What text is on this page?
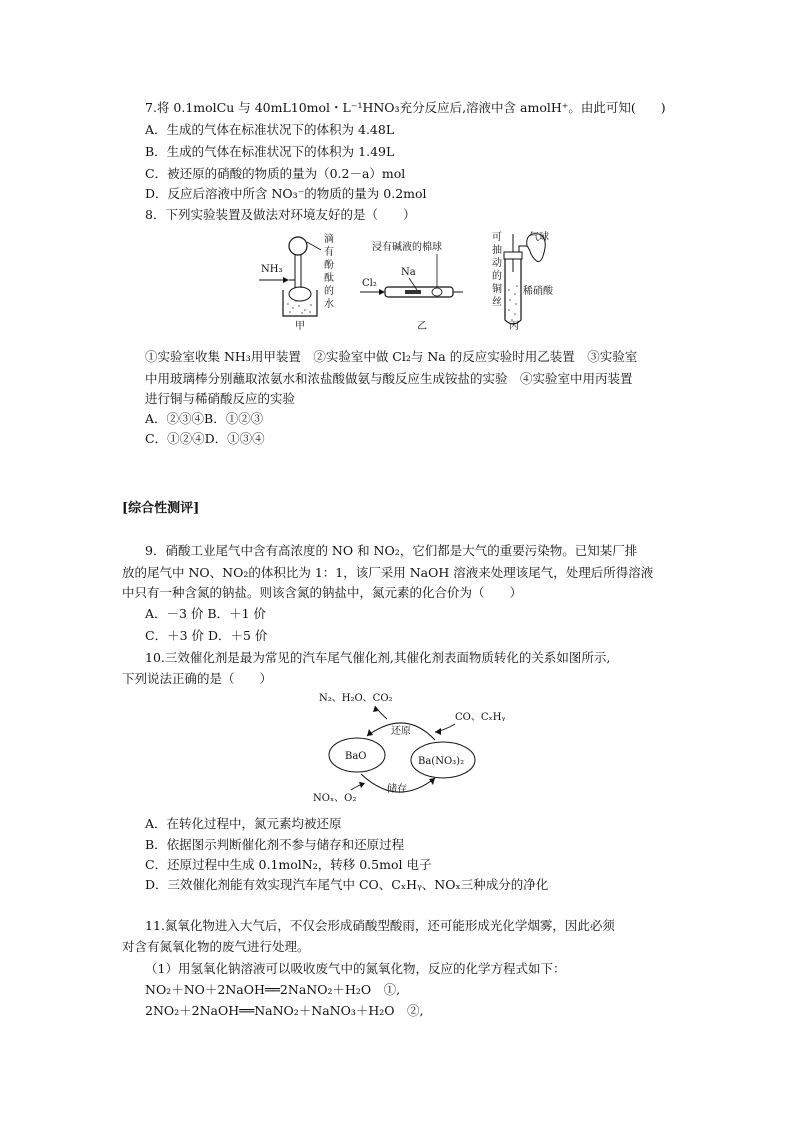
7.将 0.1molCu 与 40mL10mol・L⁻¹HNO₃充分反应后,溶液中含 amolH⁺。由此可知(　　)
A．生成的气体在标准状况下的体积为 4.48L
B．生成的气体在标准状况下的体积为 1.49L
C．被还原的硝酸的物质的量为（0.2－a）mol
D．反应后溶液中所含 NO₃⁻的物质的量为 0.2mol
8．下列实验装置及做法对环境友好的是（　　）
NH₃
滴
有
酚
酞
的
水
甲
浸有碱液的棉球
Na
Cl₂
乙
可
抽
动
的
铜
丝
气球
稀硝酸
丙
①实验室收集 NH₃用甲装置　②实验室中做 Cl₂与 Na 的反应实验时用乙装置　③实验室
中用玻璃棒分别蘸取浓氨水和浓盐酸做氨与酸反应生成铵盐的实验　④实验室中用丙装置
进行铜与稀硝酸反应的实验
A．②③④B．①②③
C．①②④D．①③④
[综合性测评]
9．硝酸工业尾气中含有高浓度的 NO 和 NO₂，它们都是大气的重要污染物。已知某厂排
放的尾气中 NO、NO₂的体积比为 1：1，该厂采用 NaOH 溶液来处理该尾气，处理后所得溶液
中只有一种含氮的钠盐。则该含氮的钠盐中，氮元素的化合价为（　　）
A．－3 价 B．＋1 价
C．＋3 价 D．＋5 价
10.三效催化剂是最为常见的汽车尾气催化剂,其催化剂表面物质转化的关系如图所示,
下列说法正确的是（　　）
N₂、H₂O、CO₂
CO、CₓHᵧ
还原
储存
NOₓ、O₂
BaO	Ba(NO₃)₂
A．在转化过程中，氮元素均被还原
B．依据图示判断催化剂不参与储存和还原过程
C．还原过程中生成 0.1molN₂，转移 0.5mol 电子
D．三效催化剂能有效实现汽车尾气中 CO、CₓHᵧ、NOₓ三种成分的净化
11.氮氧化物进入大气后，不仅会形成硝酸型酸雨，还可能形成光化学烟雾，因此必须
对含有氮氧化物的废气进行处理。
（1）用氢氧化钠溶液可以吸收废气中的氮氧化物，反应的化学方程式如下：
NO₂＋NO＋2NaOH══2NaNO₂＋H₂O　①,
2NO₂＋2NaOH══NaNO₂＋NaNO₃＋H₂O　②,
